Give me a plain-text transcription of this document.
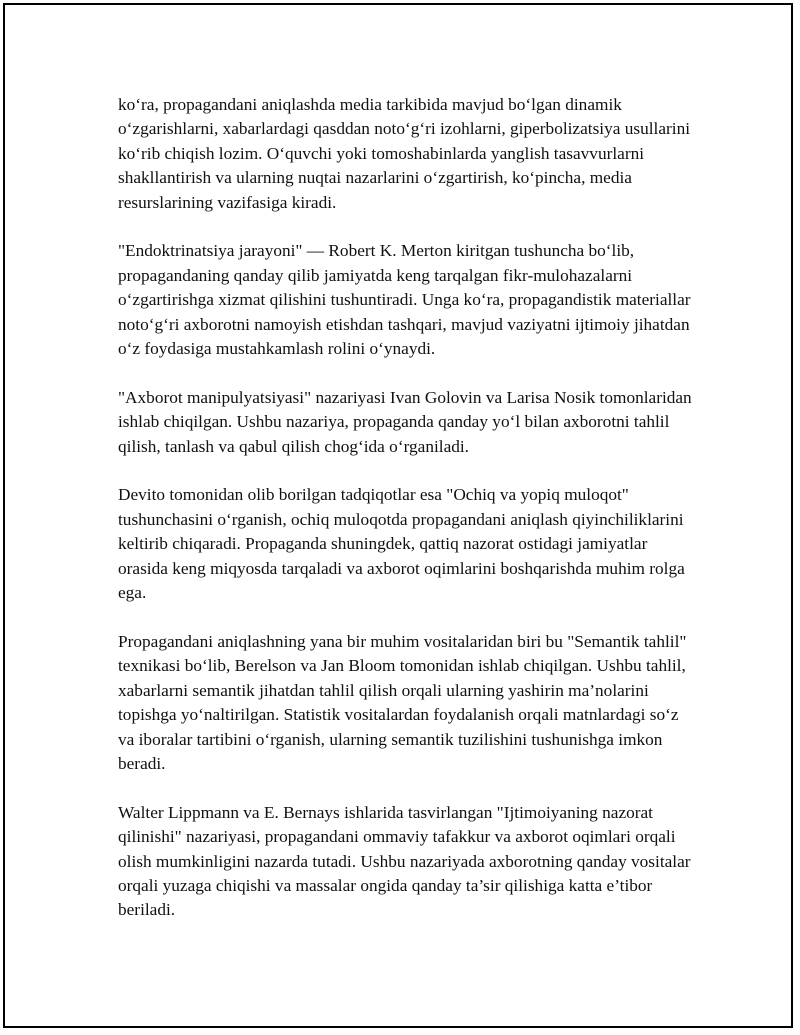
ko‘ra, propagandani aniqlashda media tarkibida mavjud bo‘lgan dinamik o‘zgarishlarni, xabarlardagi qasddan noto‘g‘ri izohlarni, giperbolizatsiya usullarini ko‘rib chiqish lozim. O‘quvchi yoki tomoshabinlarda yanglish tasavvurlarni shakllantirish va ularning nuqtai nazarlarini o‘zgartirish, ko‘pincha, media resurslarining vazifasiga kiradi.

"Endoktrinatsiya jarayoni" — Robert K. Merton kiritgan tushuncha bo‘lib, propagandaning qanday qilib jamiyatda keng tarqalgan fikr-mulohazalarni o‘zgartirishga xizmat qilishini tushuntiradi. Unga ko‘ra, propagandistik materiallar noto‘g‘ri axborotni namoyish etishdan tashqari, mavjud vaziyatni ijtimoiy jihatdan o‘z foydasiga mustahkamlash rolini o‘ynaydi.

"Axborot manipulyatsiyasi" nazariyasi Ivan Golovin va Larisa Nosik tomonlaridan ishlab chiqilgan. Ushbu nazariya, propaganda qanday yo‘l bilan axborotni tahlil qilish, tanlash va qabul qilish chog‘ida o‘rganiladi.

Devito tomonidan olib borilgan tadqiqotlar esa "Ochiq va yopiq muloqot" tushunchasini o‘rganish, ochiq muloqotda propagandani aniqlash qiyinchiliklarini keltirib chiqaradi. Propaganda shuningdek, qattiq nazorat ostidagi jamiyatlar orasida keng miqyosda tarqaladi va axborot oqimlarini boshqarishda muhim rolga ega.

Propagandani aniqlashning yana bir muhim vositalaridan biri bu "Semantik tahlil" texnikasi bo‘lib, Berelson va Jan Bloom tomonidan ishlab chiqilgan. Ushbu tahlil, xabarlarni semantik jihatdan tahlil qilish orqali ularning yashirin ma’nolarini topishga yo‘naltirilgan. Statistik vositalardan foydalanish orqali matnlardagi so‘z va iboralar tartibini o‘rganish, ularning semantik tuzilishini tushunishga imkon beradi.

Walter Lippmann va E. Bernays ishlarida tasvirlangan "Ijtimoiyaning nazorat qilinishi" nazariyasi, propagandani ommaviy tafakkur va axborot oqimlari orqali olish mumkinligini nazarda tutadi. Ushbu nazariyada axborotning qanday vositalar orqali yuzaga chiqishi va massalar ongida qanday ta’sir qilishiga katta e’tibor beriladi.
